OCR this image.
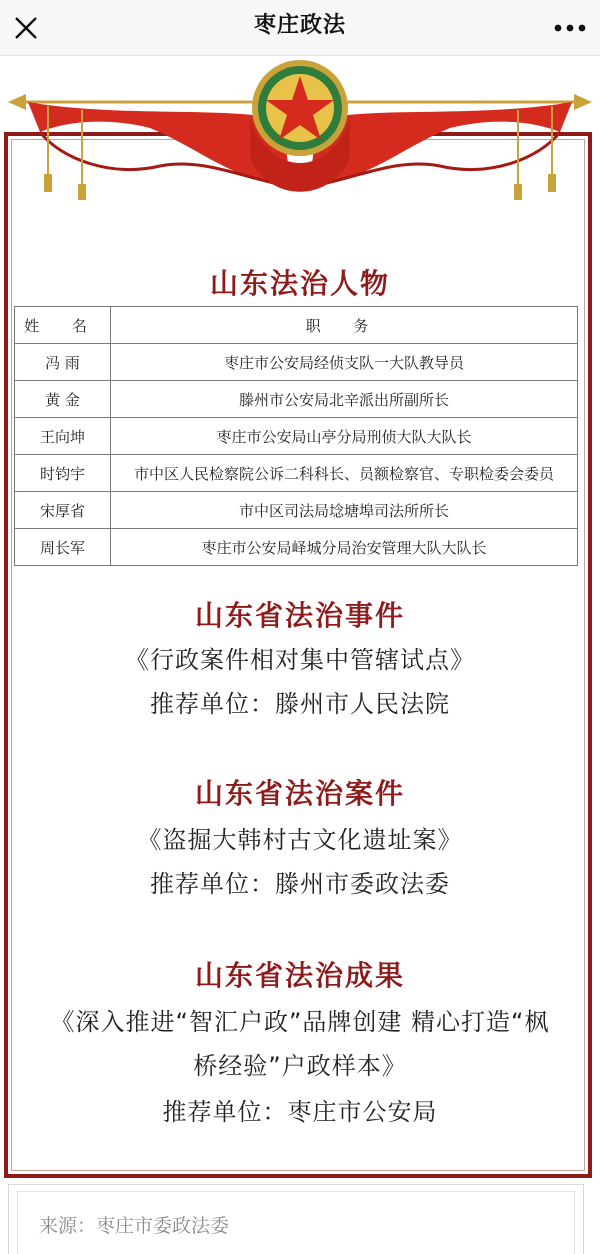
枣庄政法
山东法治人物
姓 名	职 务
冯 雨	枣庄市公安局经侦支队一大队教导员
黄 金	滕州市公安局北辛派出所副所长
王向坤	枣庄市公安局山亭分局刑侦大队大队长
时钧宇	市中区人民检察院公诉二科科长、员额检察官、专职检委会委员
宋厚省	市中区司法局埝塘埠司法所所长
周长军	枣庄市公安局峄城分局治安管理大队大队长
山东省法治事件
《行政案件相对集中管辖试点》
推荐单位：滕州市人民法院
山东省法治案件
《盗掘大韩村古文化遗址案》
推荐单位：滕州市委政法委
山东省法治成果
《深入推进“智汇户政”品牌创建 精心打造“枫
桥经验”户政样本》
推荐单位：枣庄市公安局
来源：枣庄市委政法委
